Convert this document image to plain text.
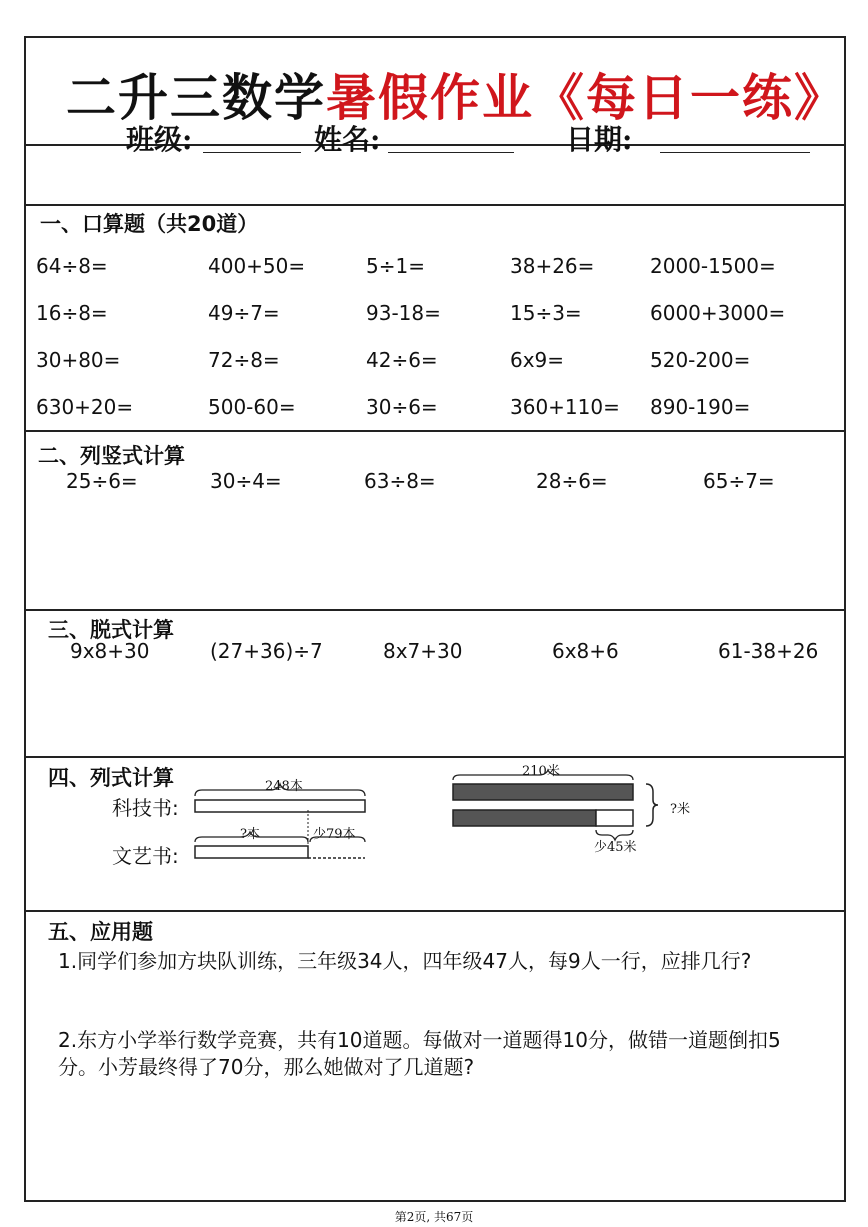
二升三数学暑假作业《每日一练》
班级:	姓名:	日期:
一、口算题（共20道）
64÷8=	400+50=	5÷1=	38+26=	2000-1500=
16÷8=	49÷7=	93-18=	15÷3=	6000+3000=
30+80=	72÷8=	42÷6=	6x9=	520-200=
630+20=	500-60=	30÷6=	360+110= 890-190=
二、列竖式计算
25÷6=	30÷4=	63÷8=	28÷6=	65÷7=
三、脱式计算
9x8+30	(27+36)÷7	8x7+30	6x8+6	61-38+26
四、列式计算
科技书:
文艺书:
248本
?本	少79本
210米
?米
少45米
五、应用题
1.同学们参加方块队训练，三年级34人，四年级47人，每9人一行，应排几行?
2.东方小学举行数学竞赛，共有10道题。每做对一道题得10分，做错一道题倒扣5
分。小芳最终得了70分，那么她做对了几道题?
第2页, 共67页
